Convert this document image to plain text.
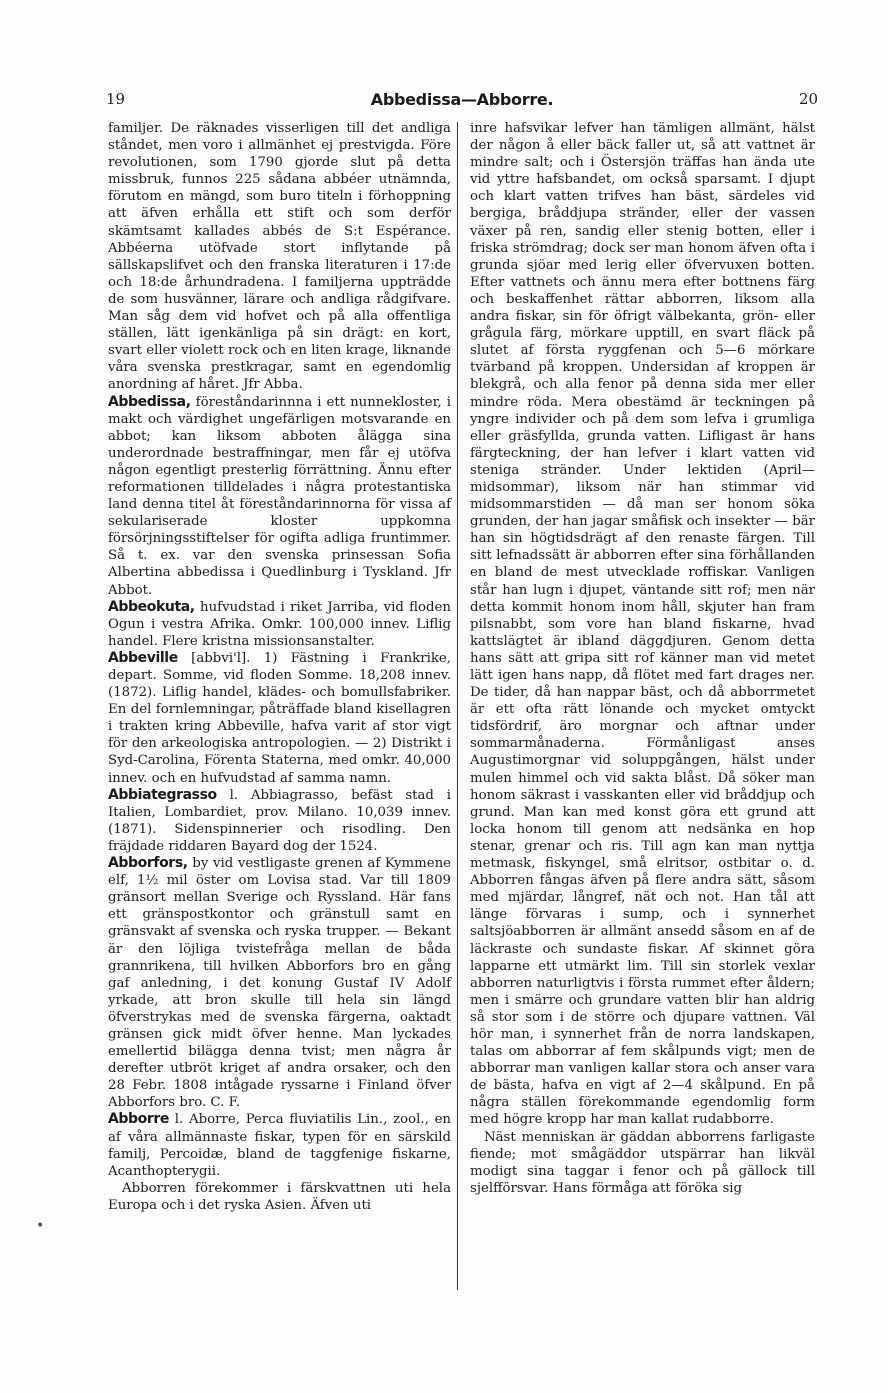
19	Abbedissa—Abborre.	20

familjer. De räknades visserligen till det andliga ståndet, men voro i allmänhet ej prestvigda. Före revolutionen, som 1790 gjorde slut på detta missbruk, funnos 225 sådana abbéer utnämnda, förutom en mängd, som buro titeln i förhoppning att äfven erhålla ett stift och som derför skämtsamt kallades abbés de S:t Espérance. Abbéerna utöfvade stort inflytande på sällskapslifvet och den franska literaturen i 17:de och 18:de århundradena. I familjerna uppträdde de som husvänner, lärare och andliga rådgifvare. Man såg dem vid hofvet och på alla offentliga ställen, lätt igenkänliga på sin drägt: en kort, svart eller violett rock och en liten krage, liknande våra svenska prestkragar, samt en egendomlig anordning af håret. Jfr Abba.

Abbedissa, föreståndarinnna i ett nunnekloster, i makt och värdighet ungefärligen motsvarande en abbot; kan liksom abboten ålägga sina underordnade bestraffningar, men får ej utöfva någon egentligt presterlig förrättning. Ännu efter reformationen tilldelades i några protestantiska land denna titel åt föreståndarinnorna för vissa af sekulariserade kloster uppkomna försörjningsstiftelser för ogifta adliga fruntimmer. Så t. ex. var den svenska prinsessan Sofia Albertina abbedissa i Quedlinburg i Tyskland. Jfr Abbot.

Abbeokuta, hufvudstad i riket Jarriba, vid floden Ogun i vestra Afrika. Omkr. 100,000 innev. Liflig handel. Flere kristna missionsanstalter.

Abbeville [abbvi'l]. 1) Fästning i Frankrike, depart. Somme, vid floden Somme. 18,208 innev. (1872). Liflig handel, klädes- och bomullsfabriker. En del fornlemningar, påträffade bland kisellagren i trakten kring Abbeville, hafva varit af stor vigt för den arkeologiska antropologien. — 2) Distrikt i Syd-Carolina, Förenta Staterna, med omkr. 40,000 innev. och en hufvudstad af samma namn.

Abbiategrasso l. Abbiagrasso, befäst stad i Italien, Lombardiet, prov. Milano. 10,039 innev. (1871). Sidenspinnerier och risodling. Den fräjdade riddaren Bayard dog der 1524.

Abborfors, by vid vestligaste grenen af Kymmene elf, 1½ mil öster om Lovisa stad. Var till 1809 gränsort mellan Sverige och Ryssland. Här fans ett gränspostkontor och gränstull samt en gränsvakt af svenska och ryska trupper. — Bekant är den löjliga tvistefråga mellan de båda grannrikena, till hvilken Abborfors bro en gång gaf anledning, i det konung Gustaf IV Adolf yrkade, att bron skulle till hela sin längd öfverstrykas med de svenska färgerna, oaktadt gränsen gick midt öfver henne. Man lyckades emellertid bilägga denna tvist; men några år derefter utbröt kriget af andra orsaker, och den 28 Febr. 1808 intågade ryssarne i Finland öfver Abborfors bro. C. F.

Abborre l. Aborre, Perca fluviatilis Lin., zool., en af våra allmännaste fiskar, typen för en särskild familj, Percoidæ, bland de taggfenige fiskarne, Acanthopterygii.

Abborren förekommer i färskvattnen uti hela Europa och i det ryska Asien. Äfven uti

inre hafsvikar lefver han tämligen allmänt, hälst der någon å eller bäck faller ut, så att vattnet är mindre salt; och i Östersjön träffas han ända ute vid yttre hafsbandet, om också sparsamt. I djupt och klart vatten trifves han bäst, särdeles vid bergiga, bråddjupa stränder, eller der vassen växer på ren, sandig eller stenig botten, eller i friska strömdrag; dock ser man honom äfven ofta i grunda sjöar med lerig eller öfvervuxen botten. Efter vattnets och ännu mera efter bottnens färg och beskaffenhet rättar abborren, liksom alla andra fiskar, sin för öfrigt välbekanta, grön- eller grågula färg, mörkare upptill, en svart fläck på slutet af första ryggfenan och 5—6 mörkare tvärband på kroppen. Undersidan af kroppen är blekgrå, och alla fenor på denna sida mer eller mindre röda. Mera obestämd är teckningen på yngre individer och på dem som lefva i grumliga eller gräsfyllda, grunda vatten. Lifligast är hans färgteckning, der han lefver i klart vatten vid steniga stränder. Under lektiden (April—midsommar), liksom när han stimmar vid midsommarstiden — då man ser honom söka grunden, der han jagar småfisk och insekter — bär han sin högtidsdrägt af den renaste färgen. Till sitt lefnadssätt är abborren efter sina förhållanden en bland de mest utvecklade roffiskar. Vanligen står han lugn i djupet, väntande sitt rof; men när detta kommit honom inom håll, skjuter han fram pilsnabbt, som vore han bland fiskarne, hvad kattslägtet är ibland däggdjuren. Genom detta hans sätt att gripa sitt rof känner man vid metet lätt igen hans napp, då flötet med fart drages ner. De tider, då han nappar bäst, och då abborrmetet är ett ofta rätt lönande och mycket omtyckt tidsfördrif, äro morgnar och aftnar under sommarmånaderna. Förmånligast anses Augustimorgnar vid soluppgången, hälst under mulen himmel och vid sakta blåst. Då söker man honom säkrast i vasskanten eller vid bråddjup och grund. Man kan med konst göra ett grund att locka honom till genom att nedsänka en hop stenar, grenar och ris. Till agn kan man nyttja metmask, fiskyngel, små elritsor, ostbitar o. d. Abborren fångas äfven på flere andra sätt, såsom med mjärdar, långref, nät och not. Han tål att länge förvaras i sump, och i synnerhet saltsjöabborren är allmänt ansedd såsom en af de läckraste och sundaste fiskar. Af skinnet göra lapparne ett utmärkt lim. Till sin storlek vexlar abborren naturligtvis i första rummet efter åldern; men i smärre och grundare vatten blir han aldrig så stor som i de större och djupare vattnen. Väl hör man, i synnerhet från de norra landskapen, talas om abborrar af fem skålpunds vigt; men de abborrar man vanligen kallar stora och anser vara de bästa, hafva en vigt af 2—4 skålpund. En på några ställen förekommande egendomlig form med högre kropp har man kallat rudabborre.

Näst menniskan är gäddan abborrens farligaste fiende; mot smågäddor utspärrar han likväl modigt sina taggar i fenor och på gällock till sjelfförsvar. Hans förmåga att föröka sig

•
